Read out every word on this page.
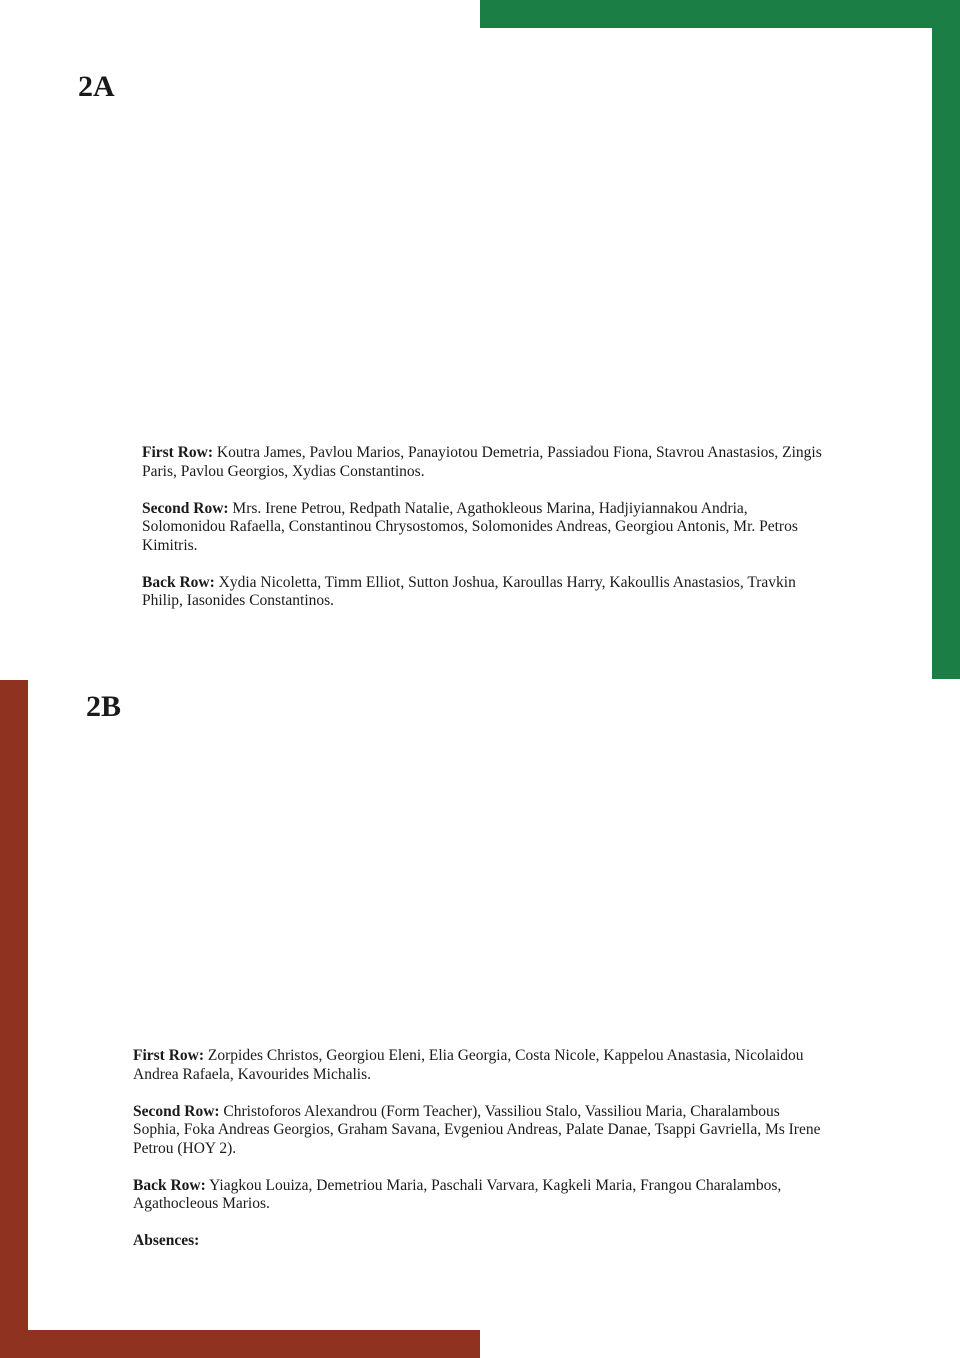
2A

First Row: Koutra James, Pavlou Marios, Panayiotou Demetria, Passiadou Fiona, Stavrou Anastasios, Zingis Paris, Pavlou Georgios, Xydias Constantinos.

Second Row: Mrs. Irene Petrou, Redpath Natalie, Agathokleous Marina, Hadjiyiannakou Andria, Solomonidou Rafaella, Constantinou Chrysostomos, Solomonides Andreas, Georgiou Antonis, Mr. Petros Kimitris.

Back Row: Xydia Nicoletta, Timm Elliot, Sutton Joshua, Karoullas Harry, Kakoullis Anastasios, Travkin Philip, Iasonides Constantinos.

2B

First Row: Zorpides Christos, Georgiou Eleni, Elia Georgia, Costa Nicole, Kappelou Anastasia, Nicolaidou Andrea Rafaela, Kavourides Michalis.

Second Row: Christoforos Alexandrou (Form Teacher), Vassiliou Stalo, Vassiliou Maria, Charalambous Sophia, Foka Andreas Georgios, Graham Savana, Evgeniou Andreas, Palate Danae, Tsappi Gavriella, Ms Irene Petrou (HOY 2).

Back Row: Yiagkou Louiza, Demetriou Maria, Paschali Varvara, Kagkeli Maria, Frangou Charalambos, Agathocleous Marios.

Absences:
